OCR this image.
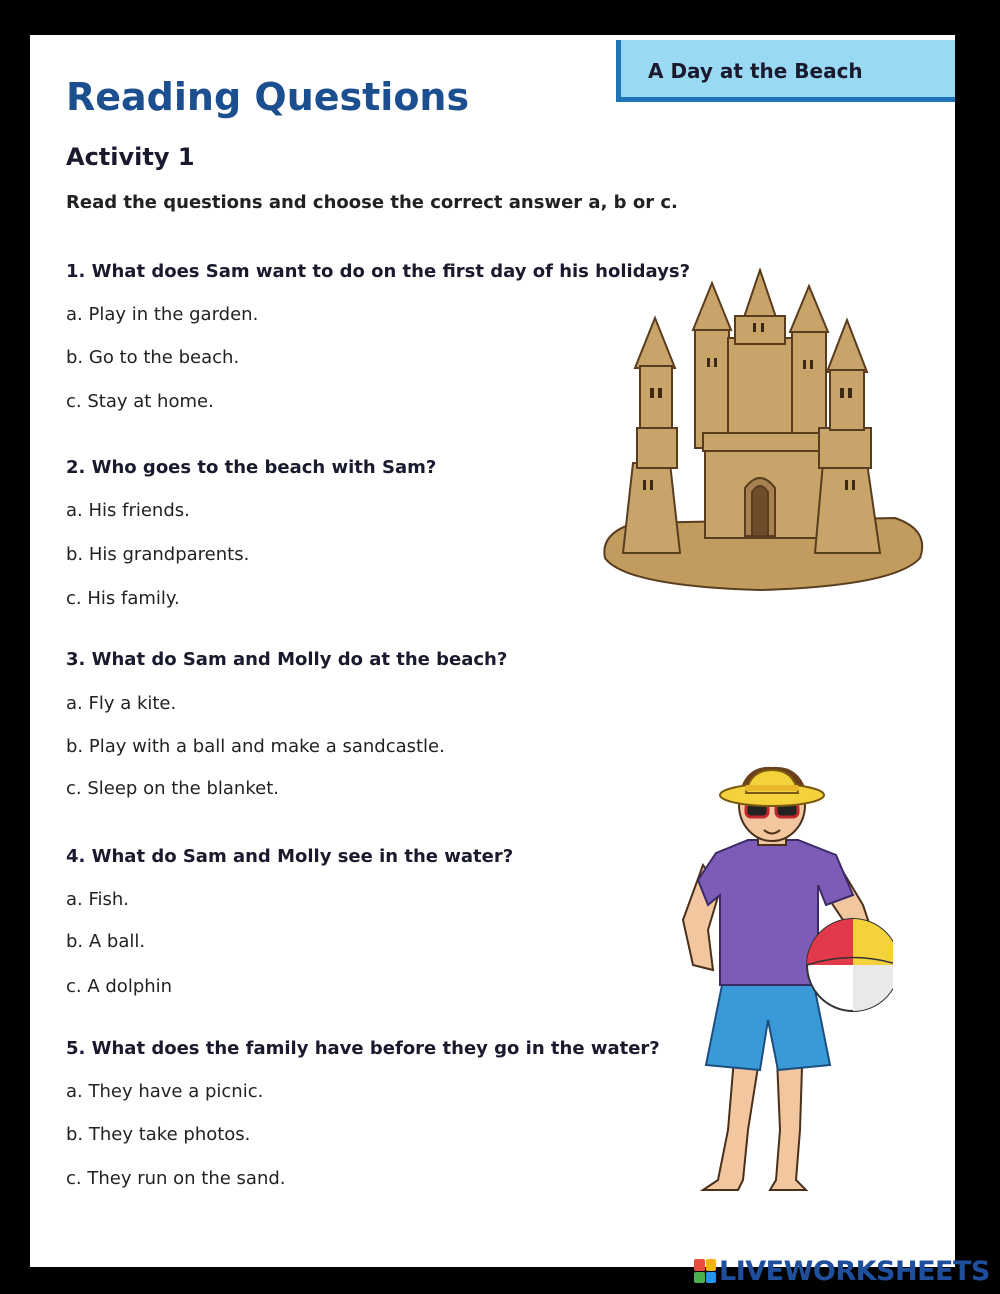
A Day at the Beach
Reading Questions
Activity 1
Read the questions and choose the correct answer a, b or c.
1. What does Sam want to do on the first day of his holidays?
a. Play in the garden.
b. Go to the beach.
c. Stay at home.
2. Who goes to the beach with Sam?
a. His friends.
b. His grandparents.
c. His family.
3. What do Sam and Molly do at the beach?
a. Fly a kite.
b. Play with a ball and make a sandcastle.
c. Sleep on the blanket.
4. What do Sam and Molly see in the water?
a. Fish.
b. A ball.
c. A dolphin
5. What does the family have before they go in the water?
a. They have a picnic.
b. They take photos.
c. They run on the sand.
LIVEWORKSHEETS
